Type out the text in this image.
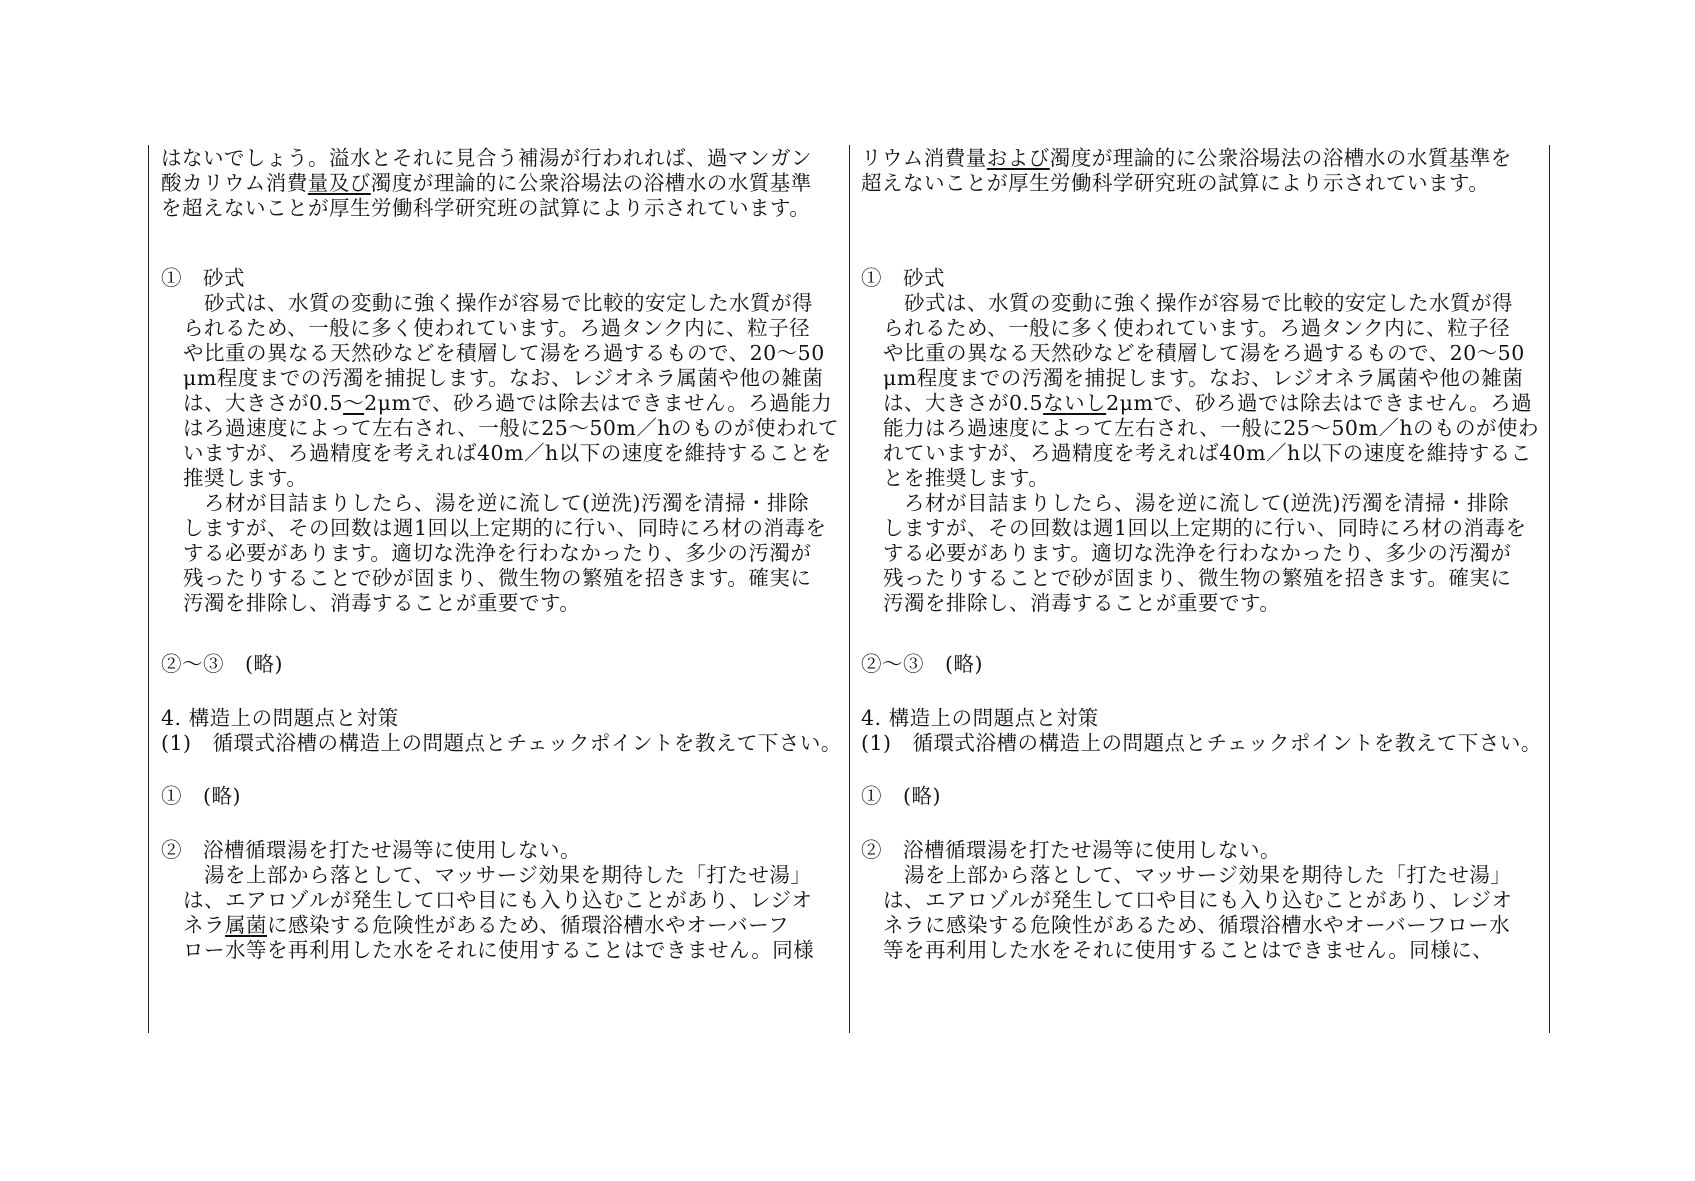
はないでしょう。溢水とそれに見合う補湯が行われれば、過マンガン
酸カリウム消費量及び濁度が理論的に公衆浴場法の浴槽水の水質基準
を超えないことが厚生労働科学研究班の試算により示されています。
①　砂式
　砂式は、水質の変動に強く操作が容易で比較的安定した水質が得
られるため、一般に多く使われています。ろ過タンク内に、粒子径
や比重の異なる天然砂などを積層して湯をろ過するもので、20～50
μm程度までの汚濁を捕捉します。なお、レジオネラ属菌や他の雑菌
は、大きさが0.5～2μmで、砂ろ過では除去はできません。ろ過能力
はろ過速度によって左右され、一般に25～50m／hのものが使われて
いますが、ろ過精度を考えれば40m／h以下の速度を維持することを
推奨します。
　ろ材が目詰まりしたら、湯を逆に流して(逆洗)汚濁を清掃・排除
しますが、その回数は週1回以上定期的に行い、同時にろ材の消毒を
する必要があります。適切な洗浄を行わなかったり、多少の汚濁が
残ったりすることで砂が固まり、微生物の繁殖を招きます。確実に
汚濁を排除し、消毒することが重要です。
②～③　(略)
4. 構造上の問題点と対策
(1)　循環式浴槽の構造上の問題点とチェックポイントを教えて下さい。
①　(略)
②　浴槽循環湯を打たせ湯等に使用しない。
　湯を上部から落として、マッサージ効果を期待した「打たせ湯」
は、エアロゾルが発生して口や目にも入り込むことがあり、レジオ
ネラ属菌に感染する危険性があるため、循環浴槽水やオーバーフ
ロー水等を再利用した水をそれに使用することはできません。同様
リウム消費量および濁度が理論的に公衆浴場法の浴槽水の水質基準を
超えないことが厚生労働科学研究班の試算により示されています。
①　砂式
　砂式は、水質の変動に強く操作が容易で比較的安定した水質が得
られるため、一般に多く使われています。ろ過タンク内に、粒子径
や比重の異なる天然砂などを積層して湯をろ過するもので、20～50
μm程度までの汚濁を捕捉します。なお、レジオネラ属菌や他の雑菌
は、大きさが0.5ないし2μmで、砂ろ過では除去はできません。ろ過
能力はろ過速度によって左右され、一般に25～50m／hのものが使わ
れていますが、ろ過精度を考えれば40m／h以下の速度を維持するこ
とを推奨します。
　ろ材が目詰まりしたら、湯を逆に流して(逆洗)汚濁を清掃・排除
しますが、その回数は週1回以上定期的に行い、同時にろ材の消毒を
する必要があります。適切な洗浄を行わなかったり、多少の汚濁が
残ったりすることで砂が固まり、微生物の繁殖を招きます。確実に
汚濁を排除し、消毒することが重要です。
②～③　(略)
4. 構造上の問題点と対策
(1)　循環式浴槽の構造上の問題点とチェックポイントを教えて下さい。
①　(略)
②　浴槽循環湯を打たせ湯等に使用しない。
　湯を上部から落として、マッサージ効果を期待した「打たせ湯」
は、エアロゾルが発生して口や目にも入り込むことがあり、レジオ
ネラに感染する危険性があるため、循環浴槽水やオーバーフロー水
等を再利用した水をそれに使用することはできません。同様に、
